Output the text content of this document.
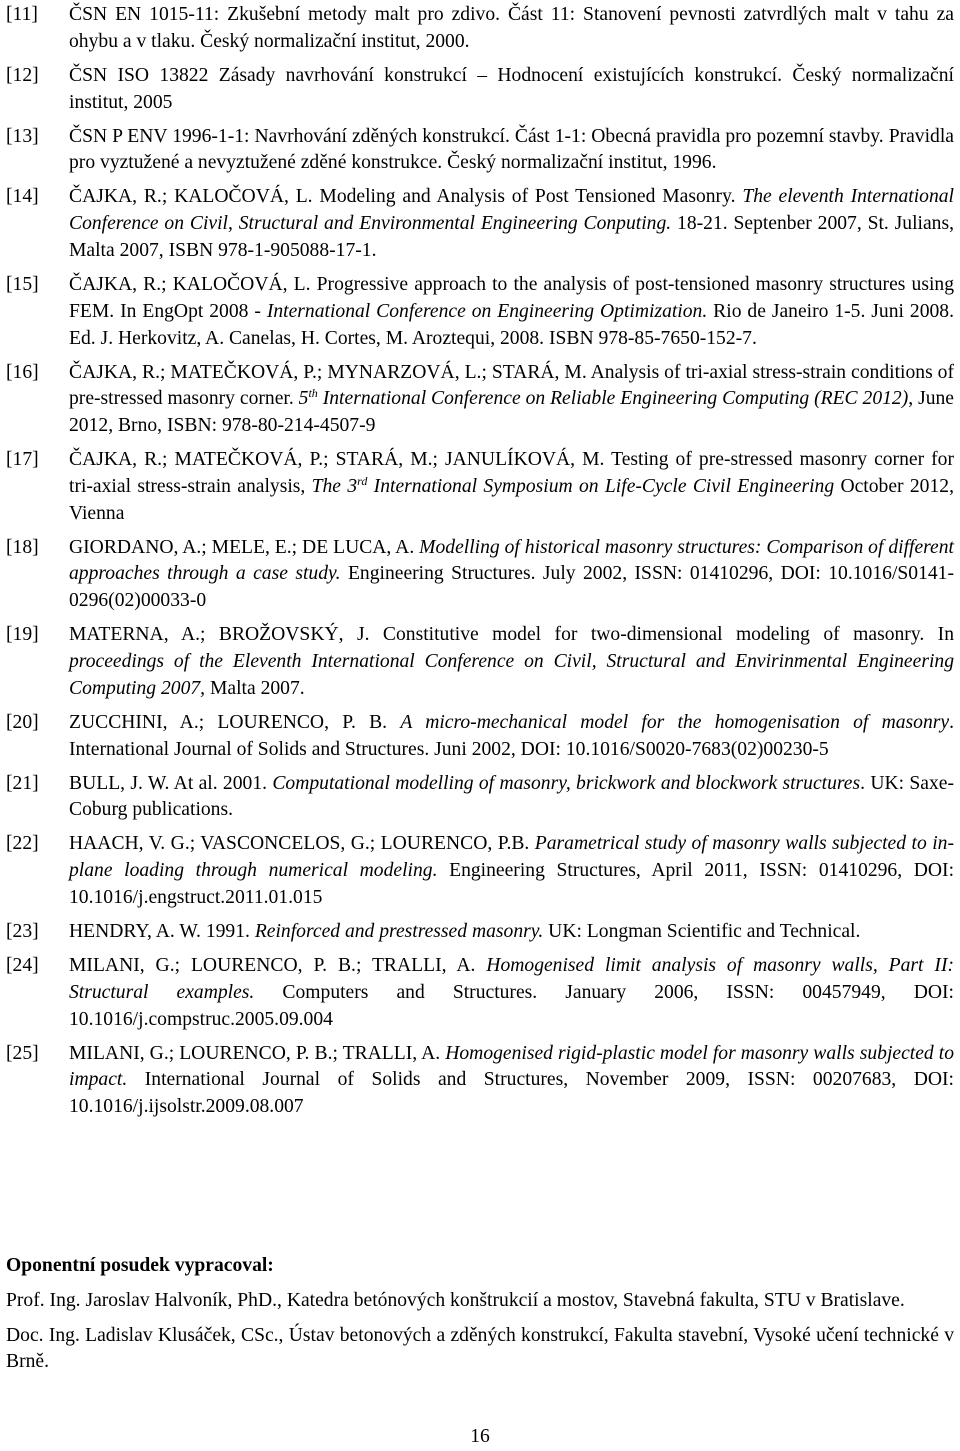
[11]	ČSN EN 1015-11: Zkušební metody malt pro zdivo. Část 11: Stanovení pevnosti zatvrdlých malt v tahu za ohybu a v tlaku. Český normalizační institut, 2000.
[12]	ČSN ISO 13822 Zásady navrhování konstrukcí – Hodnocení existujících konstrukcí. Český normalizační institut, 2005
[13]	ČSN P ENV 1996-1-1: Navrhování zděných konstrukcí. Část 1-1: Obecná pravidla pro pozemní stavby. Pravidla pro vyztužené a nevyztužené zděné konstrukce. Český normalizační institut, 1996.
[14]	ČAJKA, R.; KALOČOVÁ, L. Modeling and Analysis of Post Tensioned Masonry. The eleventh International Conference on Civil, Structural and Environmental Engineering Conputing. 18-21. Septenber 2007, St. Julians, Malta 2007, ISBN 978-1-905088-17-1.
[15]	ČAJKA, R.; KALOČOVÁ, L. Progressive approach to the analysis of post-tensioned masonry structures using FEM. In EngOpt 2008 - International Conference on Engineering Optimization. Rio de Janeiro 1-5. Juni 2008. Ed. J. Herkovitz, A. Canelas, H. Cortes, M. Aroztequi, 2008. ISBN 978-85-7650-152-7.
[16]	ČAJKA, R.; MATEČKOVÁ, P.; MYNARZOVÁ, L.; STARÁ, M. Analysis of tri-axial stress-strain conditions of pre-stressed masonry corner. 5th International Conference on Reliable Engineering Computing (REC 2012), June 2012, Brno, ISBN: 978-80-214-4507-9
[17]	ČAJKA, R.; MATEČKOVÁ, P.; STARÁ, M.; JANULÍKOVÁ, M. Testing of pre-stressed masonry corner for tri-axial stress-strain analysis, The 3rd International Symposium on Life-Cycle Civil Engineering October 2012, Vienna
[18]	GIORDANO, A.; MELE, E.; DE LUCA, A. Modelling of historical masonry structures: Comparison of different approaches through a case study. Engineering Structures. July 2002, ISSN: 01410296, DOI: 10.1016/S0141-0296(02)00033-0
[19]	MATERNA, A.; BROŽOVSKÝ, J. Constitutive model for two-dimensional modeling of masonry. In proceedings of the Eleventh International Conference on Civil, Structural and Envirinmental Engineering Computing 2007, Malta 2007.
[20]	ZUCCHINI, A.; LOURENCO, P. B. A micro-mechanical model for the homogenisation of masonry. International Journal of Solids and Structures. Juni 2002, DOI: 10.1016/S0020-7683(02)00230-5
[21]	BULL, J. W. At al. 2001. Computational modelling of masonry, brickwork and blockwork structures. UK: Saxe-Coburg publications.
[22]	HAACH, V. G.; VASCONCELOS, G.; LOURENCO, P.B. Parametrical study of masonry walls subjected to in-plane loading through numerical modeling. Engineering Structures, April 2011, ISSN: 01410296, DOI: 10.1016/j.engstruct.2011.01.015
[23]	HENDRY, A. W. 1991. Reinforced and prestressed masonry. UK: Longman Scientific and Technical.
[24]	MILANI, G.; LOURENCO, P. B.; TRALLI, A. Homogenised limit analysis of masonry walls, Part II: Structural examples. Computers and Structures. January 2006, ISSN: 00457949, DOI: 10.1016/j.compstruc.2005.09.004
[25]	MILANI, G.; LOURENCO, P. B.; TRALLI, A. Homogenised rigid-plastic model for masonry walls subjected to impact. International Journal of Solids and Structures, November 2009, ISSN: 00207683, DOI: 10.1016/j.ijsolstr.2009.08.007

Oponentní posudek vypracoval:

Prof. Ing. Jaroslav Halvoník, PhD., Katedra betónových konštrukcií a mostov, Stavebná fakulta, STU v Bratislave.

Doc. Ing. Ladislav Klusáček, CSc., Ústav betonových a zděných konstrukcí, Fakulta stavební, Vysoké učení technické v Brně.

16
